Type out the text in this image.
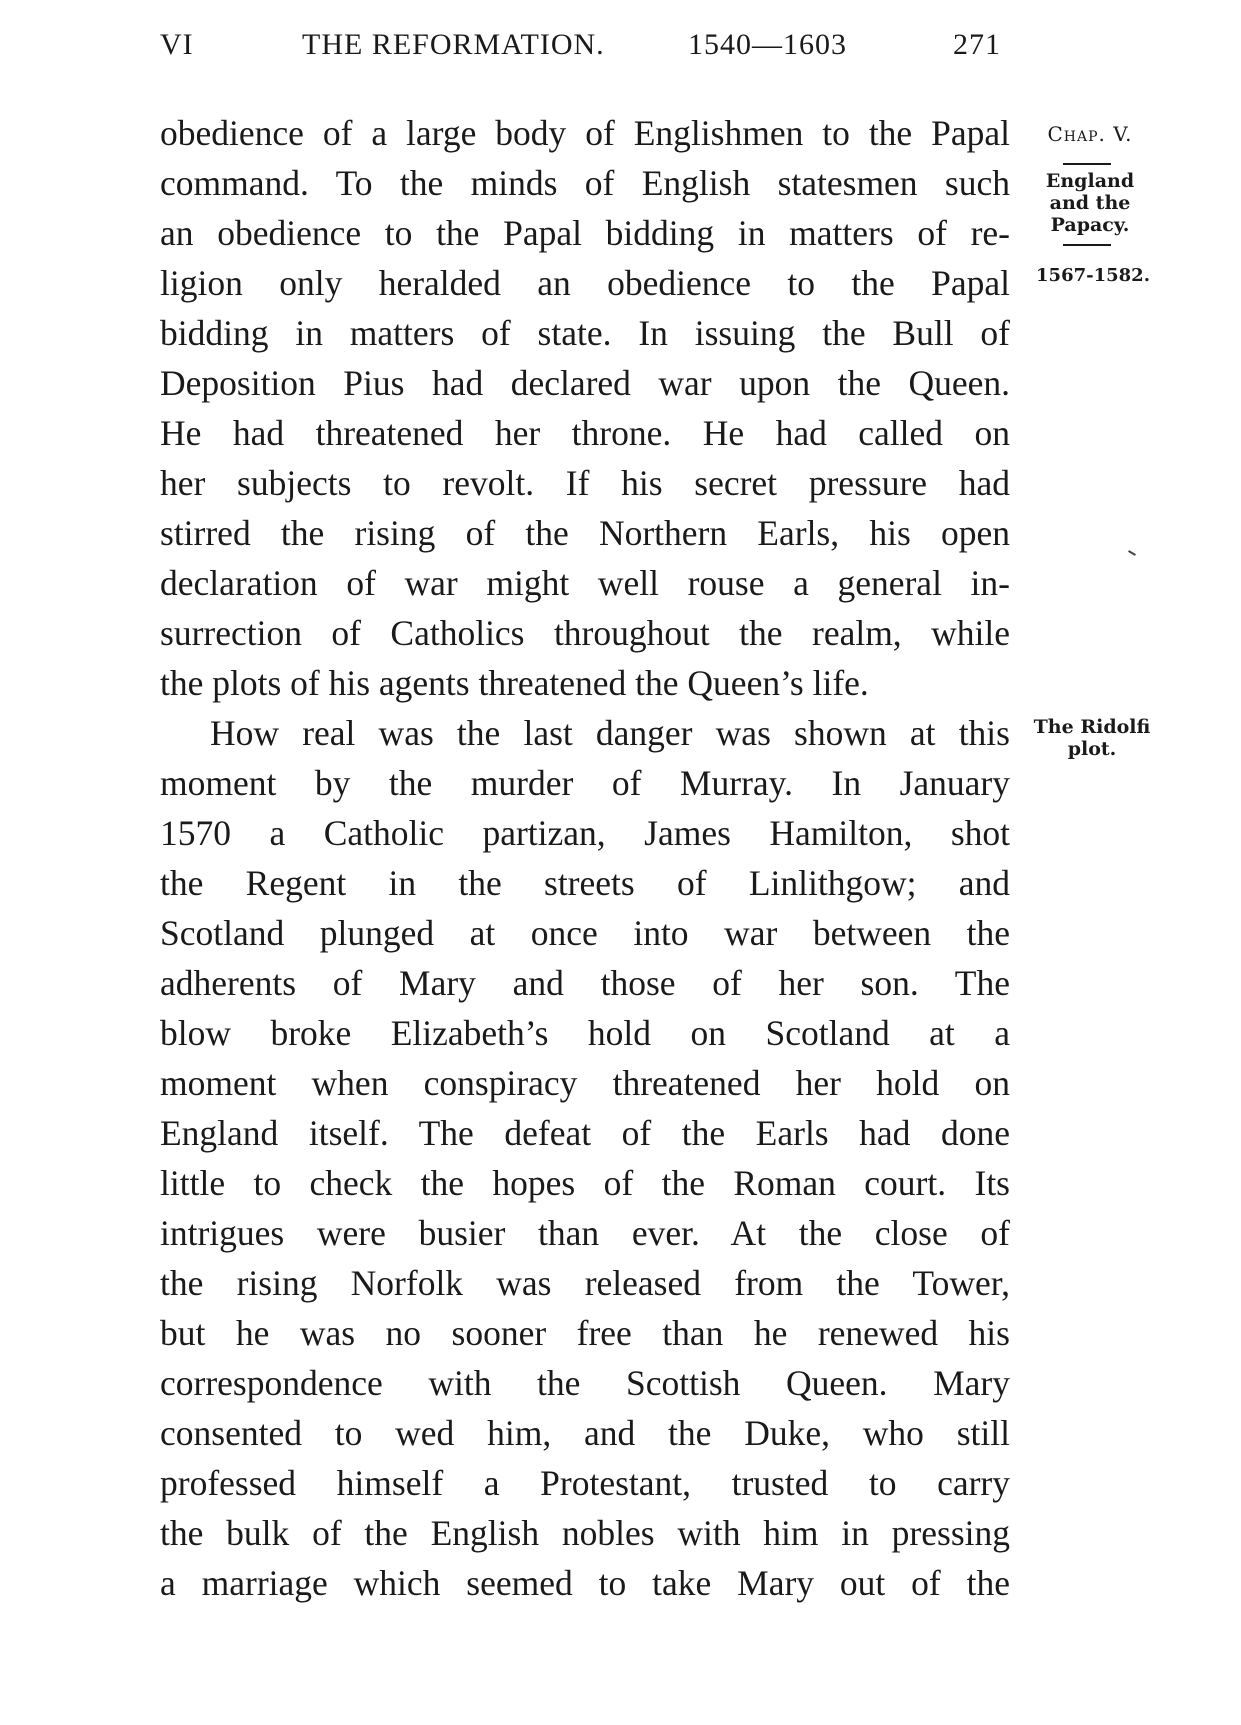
VI	THE REFORMATION.	1540—1603	271
obedience of a large body of Englishmen to the Papal
command. To the minds of English statesmen such
an obedience to the Papal bidding in matters of re-
ligion only heralded an obedience to the Papal
bidding in matters of state. In issuing the Bull of
Deposition Pius had declared war upon the Queen.
He had threatened her throne. He had called on
her subjects to revolt. If his secret pressure had
stirred the rising of the Northern Earls, his open
declaration of war might well rouse a general in-
surrection of Catholics throughout the realm, while
the plots of his agents threatened the Queen’s life.
How real was the last danger was shown at this
moment by the murder of Murray. In January
1570 a Catholic partizan, James Hamilton, shot
the Regent in the streets of Linlithgow; and
Scotland plunged at once into war between the
adherents of Mary and those of her son. The
blow broke Elizabeth’s hold on Scotland at a
moment when conspiracy threatened her hold on
England itself. The defeat of the Earls had done
little to check the hopes of the Roman court. Its
intrigues were busier than ever. At the close of
the rising Norfolk was released from the Tower,
but he was no sooner free than he renewed his
correspondence with the Scottish Queen. Mary
consented to wed him, and the Duke, who still
professed himself a Protestant, trusted to carry
the bulk of the English nobles with him in pressing
a marriage which seemed to take Mary out of the
Chap. V.
England
and the
Papacy.
1567-1582.
The Ridolfi
plot.
